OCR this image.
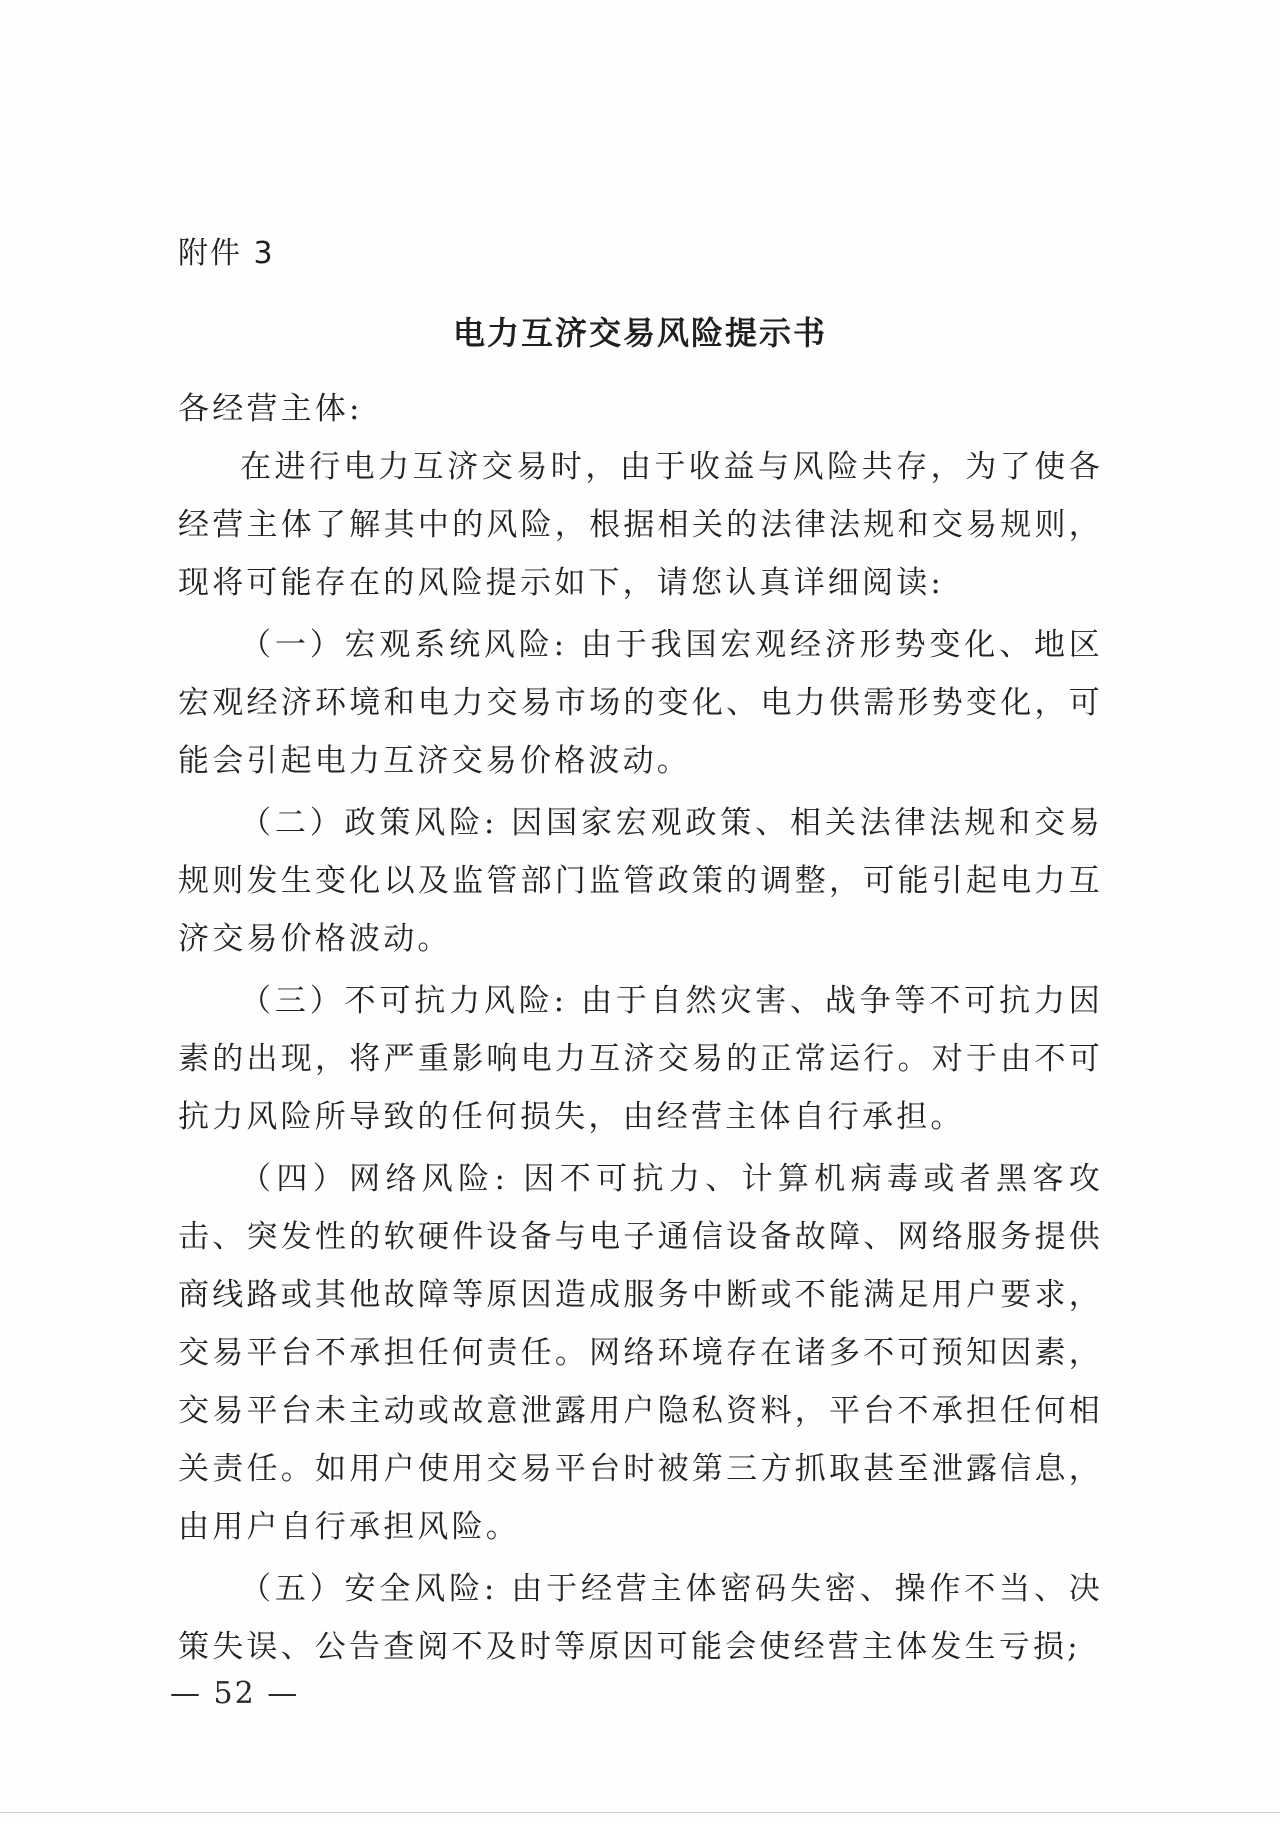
附件 3
电力互济交易风险提示书

各经营主体:

在进行电力互济交易时，由于收益与风险共存，为了使各经营主体了解其中的风险，根据相关的法律法规和交易规则，现将可能存在的风险提示如下，请您认真详细阅读:

（一）宏观系统风险: 由于我国宏观经济形势变化、地区宏观经济环境和电力交易市场的变化、电力供需形势变化，可能会引起电力互济交易价格波动。

（二）政策风险: 因国家宏观政策、相关法律法规和交易规则发生变化以及监管部门监管政策的调整，可能引起电力互济交易价格波动。

（三）不可抗力风险: 由于自然灾害、战争等不可抗力因素的出现，将严重影响电力互济交易的正常运行。对于由不可抗力风险所导致的任何损失，由经营主体自行承担。

（四）网络风险: 因不可抗力、计算机病毒或者黑客攻击、突发性的软硬件设备与电子通信设备故障、网络服务提供商线路或其他故障等原因造成服务中断或不能满足用户要求，交易平台不承担任何责任。网络环境存在诸多不可预知因素，交易平台未主动或故意泄露用户隐私资料，平台不承担任何相关责任。如用户使用交易平台时被第三方抓取甚至泄露信息，由用户自行承担风险。

（五）安全风险: 由于经营主体密码失密、操作不当、决策失误、公告查阅不及时等原因可能会使经营主体发生亏损;

— 52 —
